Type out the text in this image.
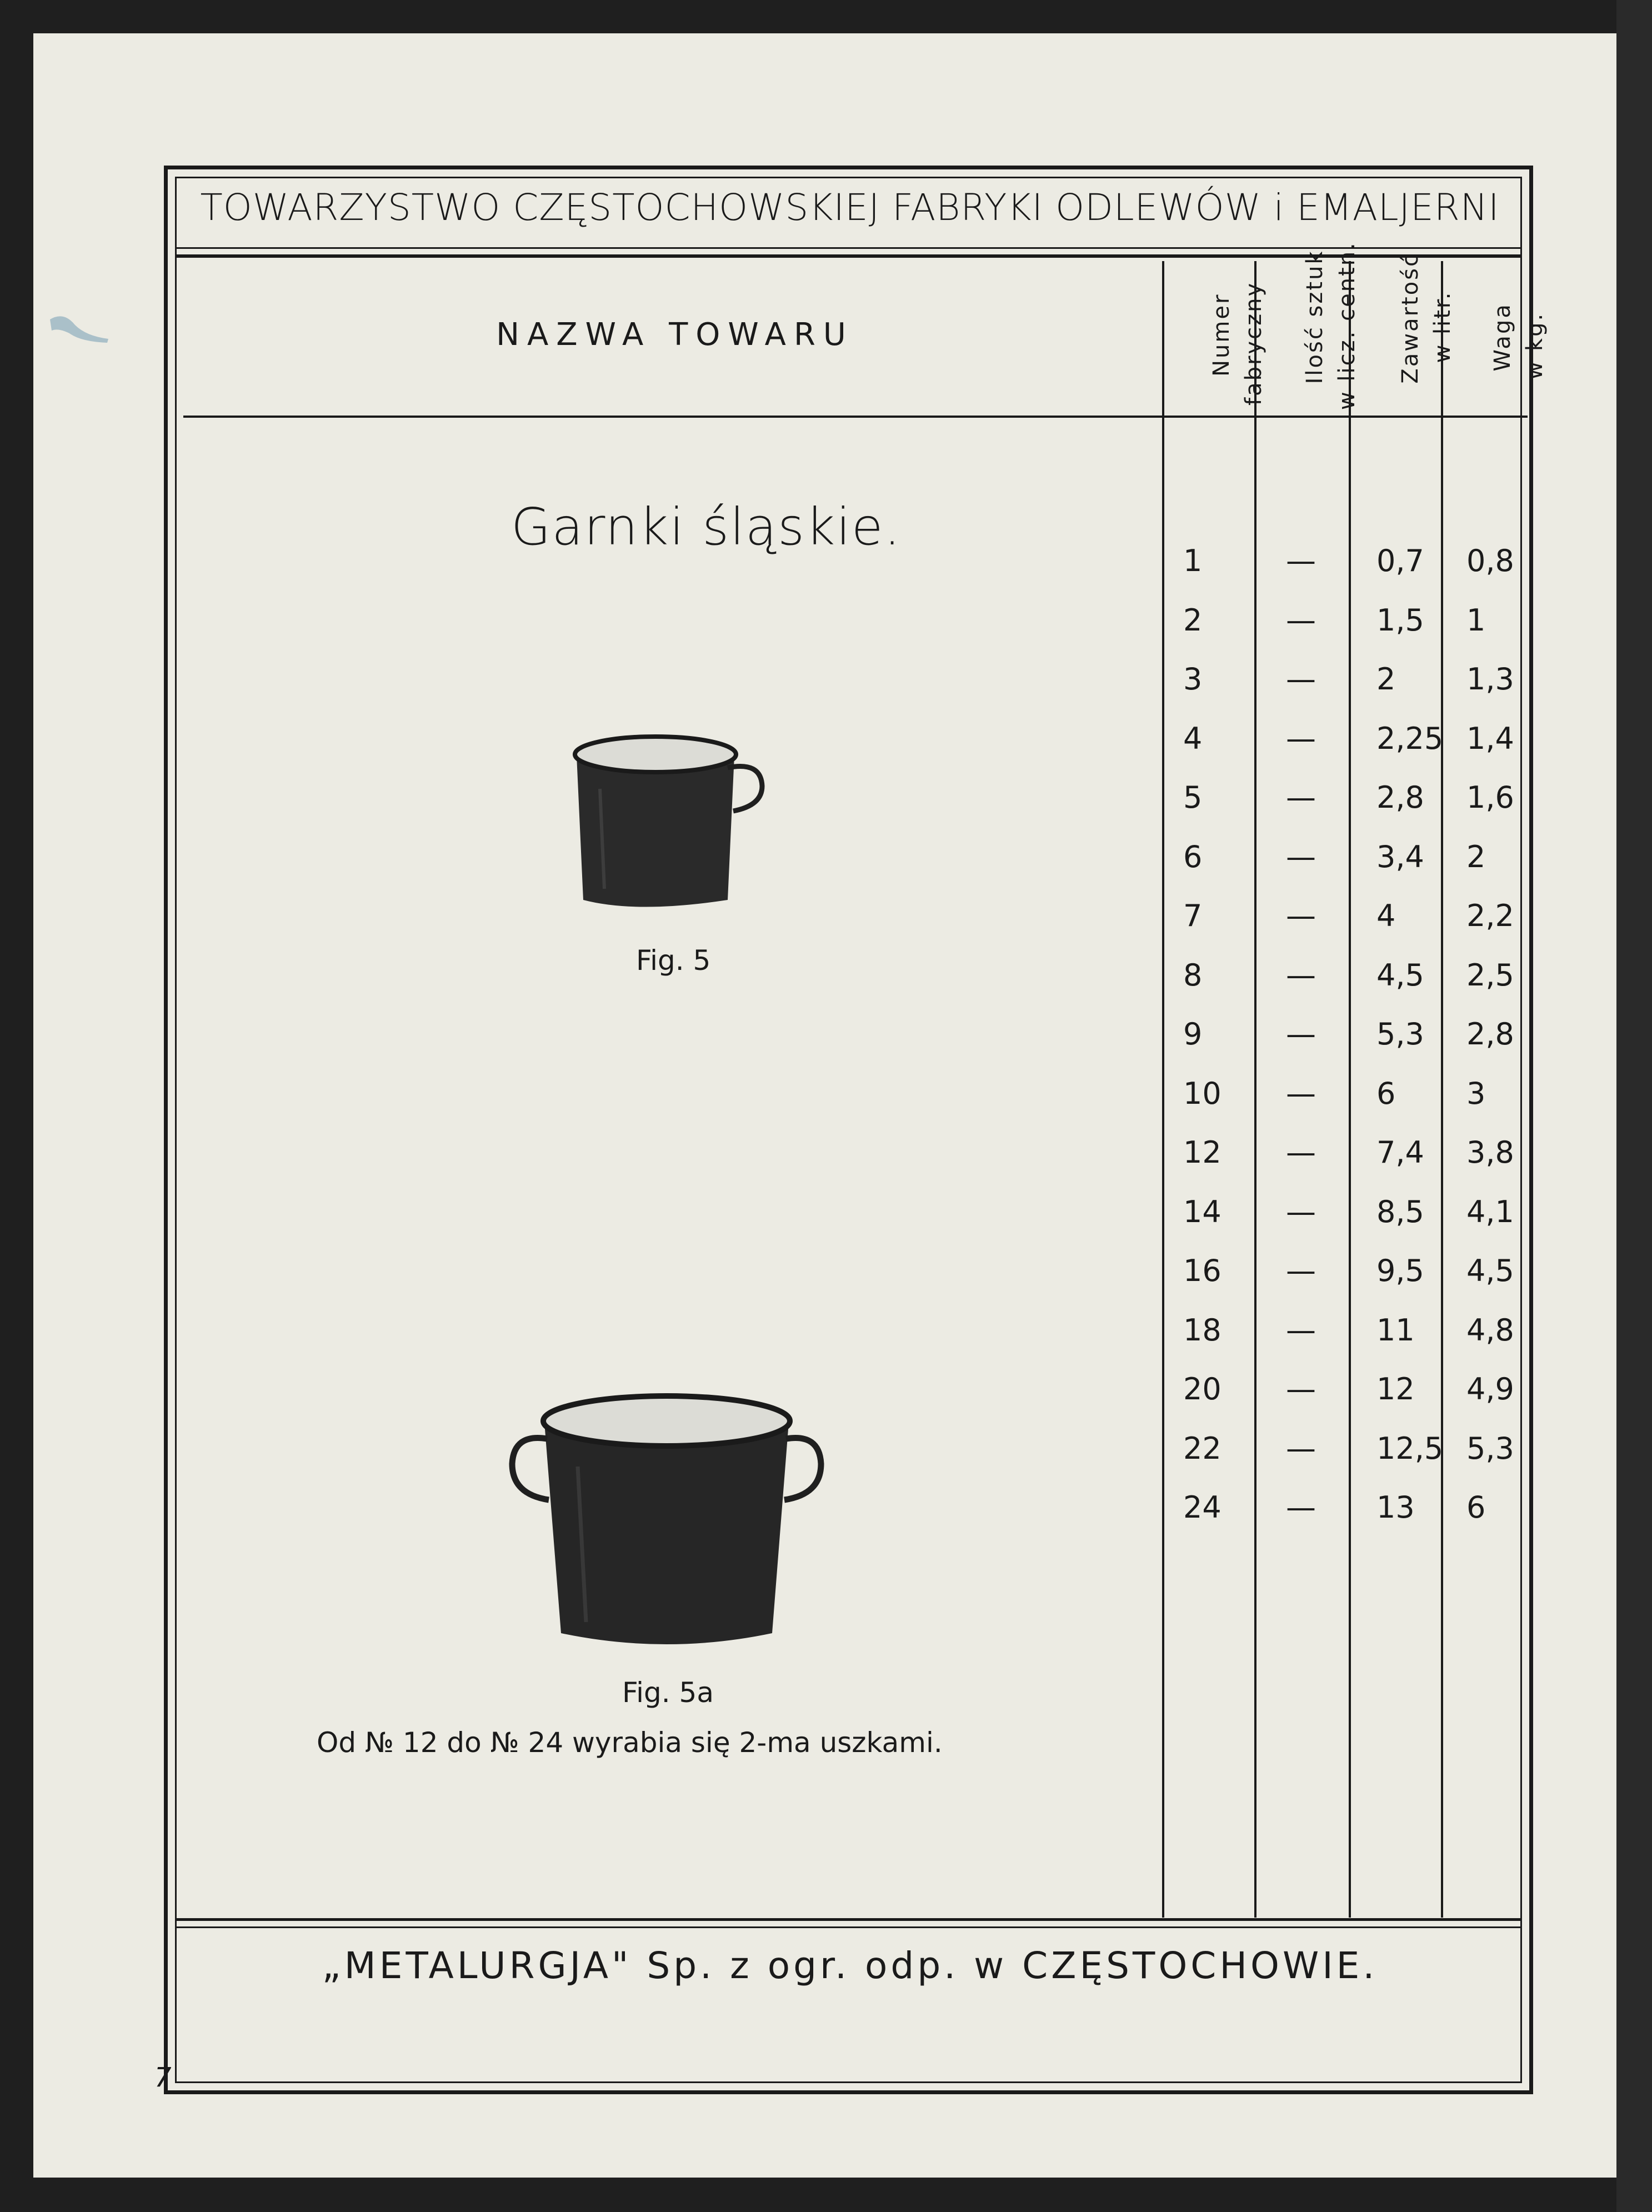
TOWARZYSTWO CZĘSTOCHOWSKIEJ FABRYKI ODLEWÓW i EMALJERNI
NAZWA TOWARU	Numer fabryczny	Ilość sztuk w licz. centn.	Zawartość w litr.	Waga w kg.

1	— 0,7 0,8
2	— 1,5 1
3	— 2 1,3
4	— 2,25 1,4
5	— 2,8 1,6
6	— 3,4 2
7	— 4 2,2
8	— 4,5 2,5
9	— 5,3 2,8
10 — 6 3
12 — 7,4 3,8
14 — 8,5 4,1
16 — 9,5 4,5
18 — 11 4,8
20 — 12 4,9
22 — 12,5 5,3
24 — 13 6
Garnki śląskie.
Fig. 5
Fig. 5a
Od № 12 do № 24 wyrabia się 2-ma uszkami.
„METALURGJA" Sp. z ogr. odp. w CZĘSTOCHOWIE.
7
